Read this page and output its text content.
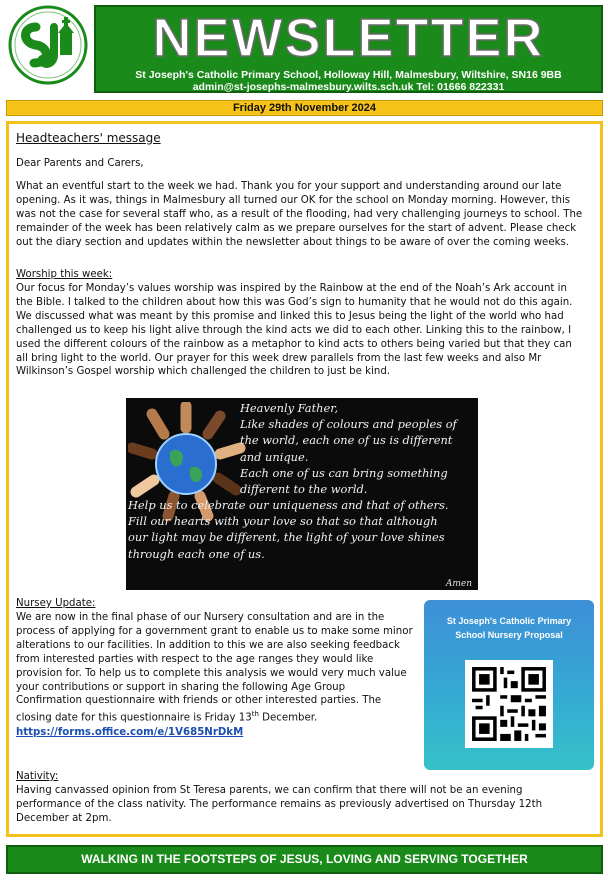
NEWSLETTER
St Joseph's Catholic Primary School, Holloway Hill, Malmesbury, Wiltshire, SN16 9BB
admin@st-josephs-malmesbury.wilts.sch.uk Tel: 01666 822331
Friday 29th November 2024
Headteachers' message
Dear Parents and Carers,
What an eventful start to the week we had. Thank you for your support and understanding around our late
opening. As it was, things in Malmesbury all turned our OK for the school on Monday morning. However, this
was not the case for several staff who, as a result of the flooding, had very challenging journeys to school. The
remainder of the week has been relatively calm as we prepare ourselves for the start of advent. Please check
out the diary section and updates within the newsletter about things to be aware of over the coming weeks.
Worship this week:
Our focus for Monday’s values worship was inspired by the Rainbow at the end of the Noah’s Ark account in
the Bible. I talked to the children about how this was God’s sign to humanity that he would not do this again.
We discussed what was meant by this promise and linked this to Jesus being the light of the world who had
challenged us to keep his light alive through the kind acts we did to each other. Linking this to the rainbow, I
used the different colours of the rainbow as a metaphor to kind acts to others being varied but that they can
all bring light to the world. Our prayer for this week drew parallels from the last few weeks and also Mr
Wilkinson’s Gospel worship which challenged the children to just be kind.
Heavenly Father,
Like shades of colours and peoples of
the world, each one of us is different
and unique.
Each one of us can bring something
different to the world.
Help us to celebrate our uniqueness and that of others.
Fill our hearts with your love so that so that although
our light may be different, the light of your love shines
through each one of us.
Amen
Nursey Update:
We are now in the final phase of our Nursery consultation and are in the
process of applying for a government grant to enable us to make some minor
alterations to our facilities. In addition to this we are also seeking feedback
from interested parties with respect to the age ranges they would like
provision for. To help us to complete this analysis we would very much value
your contributions or support in sharing the following Age Group
Confirmation questionnaire with friends or other interested parties. The
closing date for this questionnaire is Friday 13th December.
https://forms.office.com/e/1V685NrDkM
St Joseph's Catholic Primary
School Nursery Proposal
Nativity:
Having canvassed opinion from St Teresa parents, we can confirm that there will not be an evening
performance of the class nativity. The performance remains as previously advertised on Thursday 12th
December at 2pm.
WALKING IN THE FOOTSTEPS OF JESUS, LOVING AND SERVING TOGETHER
